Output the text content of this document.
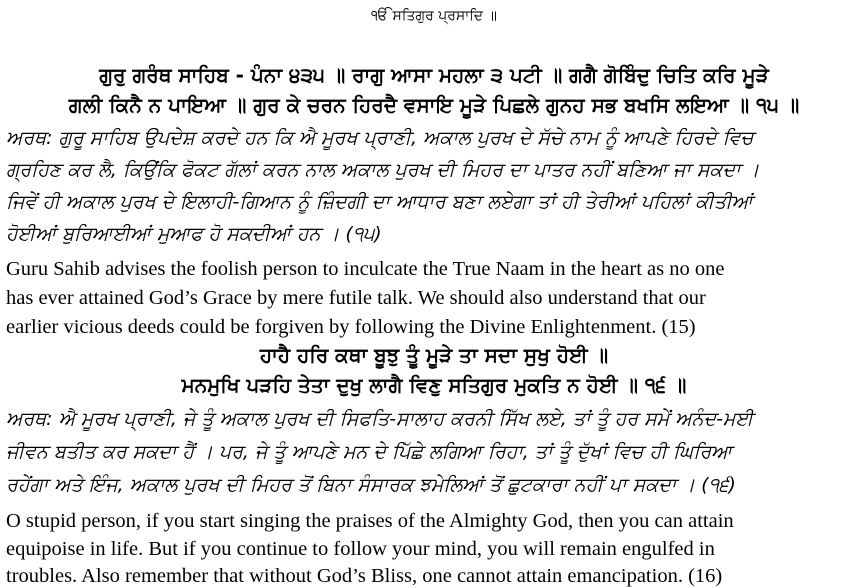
ੴ ਸਤਿਗੁਰ ਪ੍ਰਸਾਦਿ ॥
ਗੁਰੁ ਗਰੰਥ ਸਾਹਿਬ - ਪੰਨਾ ੪੩੫ ॥ ਰਾਗੁ ਆਸਾ ਮਹਲਾ ੩ ਪਟੀ ॥ ਗਗੈ ਗੋਬਿੰਦੁ ਚਿਤਿ ਕਰਿ ਮੂੜੇ
ਗਲੀ ਕਿਨੈ ਨ ਪਾਇਆ ॥ ਗੁਰ ਕੇ ਚਰਨ ਹਿਰਦੈ ਵਸਾਇ ਮੂੜੇ ਪਿਛਲੇ ਗੁਨਹ ਸਭ ਬਖਸਿ ਲਇਆ ॥ ੧੫ ॥
ਅਰਥ: ਗੁਰੂ ਸਾਹਿਬ ਉਪਦੇਸ਼ ਕਰਦੇ ਹਨ ਕਿ ਐ ਮੂਰਖ ਪ੍ਰਾਣੀ, ਅਕਾਲ ਪੁਰਖ ਦੇ ਸੱਚੇ ਨਾਮ ਨੂੰ ਆਪਣੇ ਹਿਰਦੇ ਵਿਚ
ਗ੍ਰਹਿਣ ਕਰ ਲੈ, ਕਿਉਂਕਿ ਫੋਕਟ ਗੱਲਾਂ ਕਰਨ ਨਾਲ ਅਕਾਲ ਪੁਰਖ ਦੀ ਮਿਹਰ ਦਾ ਪਾਤਰ ਨਹੀਂ ਬਣਿਆ ਜਾ ਸਕਦਾ ।
ਜਿਵੇਂ ਹੀ ਅਕਾਲ ਪੁਰਖ ਦੇ ਇਲਾਹੀ-ਗਿਆਨ ਨੂੰ ਜ਼ਿੰਦਗੀ ਦਾ ਆਧਾਰ ਬਣਾ ਲਏਗਾ ਤਾਂ ਹੀ ਤੇਰੀਆਂ ਪਹਿਲਾਂ ਕੀਤੀਆਂ
ਹੋਈਆਂ ਬੁਰਿਆਈਆਂ ਮੁਆਫ ਹੋ ਸਕਦੀਆਂ ਹਨ । (੧੫)
Guru Sahib advises the foolish person to inculcate the True Naam in the heart as no one
has ever attained God’s Grace by mere futile talk. We should also understand that our
earlier vicious deeds could be forgiven by following the Divine Enlightenment. (15)
ਹਾਹੈ ਹਰਿ ਕਥਾ ਬੂਝੁ ਤੂੰ ਮੂੜੇ ਤਾ ਸਦਾ ਸੁਖੁ ਹੋਈ ॥
ਮਨਮੁਖਿ ਪੜਹਿ ਤੇਤਾ ਦੁਖੁ ਲਾਗੈ ਵਿਣੁ ਸਤਿਗੁਰ ਮੁਕਤਿ ਨ ਹੋਈ ॥ ੧੬ ॥
ਅਰਥ: ਐ ਮੂਰਖ ਪ੍ਰਾਣੀ, ਜੇ ਤੂੰ ਅਕਾਲ ਪੁਰਖ ਦੀ ਸਿਫਤਿ-ਸਾਲਾਹ ਕਰਨੀ ਸਿੱਖ ਲਏ, ਤਾਂ ਤੂੰ ਹਰ ਸਮੇਂ ਅਨੰਦ-ਮਈ
ਜੀਵਨ ਬਤੀਤ ਕਰ ਸਕਦਾ ਹੈਂ । ਪਰ, ਜੇ ਤੂੰ ਆਪਣੇ ਮਨ ਦੇ ਪਿੱਛੇ ਲਗਿਆ ਰਿਹਾ, ਤਾਂ ਤੂੰ ਦੁੱਖਾਂ ਵਿਚ ਹੀ ਘਿਰਿਆ
ਰਹੇਂਗਾ ਅਤੇ ਇੰਜ, ਅਕਾਲ ਪੁਰਖ ਦੀ ਮਿਹਰ ਤੋਂ ਬਿਨਾ ਸੰਸਾਰਕ ਝਮੇਲਿਆਂ ਤੋਂ ਛੁਟਕਾਰਾ ਨਹੀਂ ਪਾ ਸਕਦਾ । (੧੬)
O stupid person, if you start singing the praises of the Almighty God, then you can attain
equipoise in life. But if you continue to follow your mind, you will remain engulfed in
troubles. Also remember that without God’s Bliss, one cannot attain emancipation. (16)
